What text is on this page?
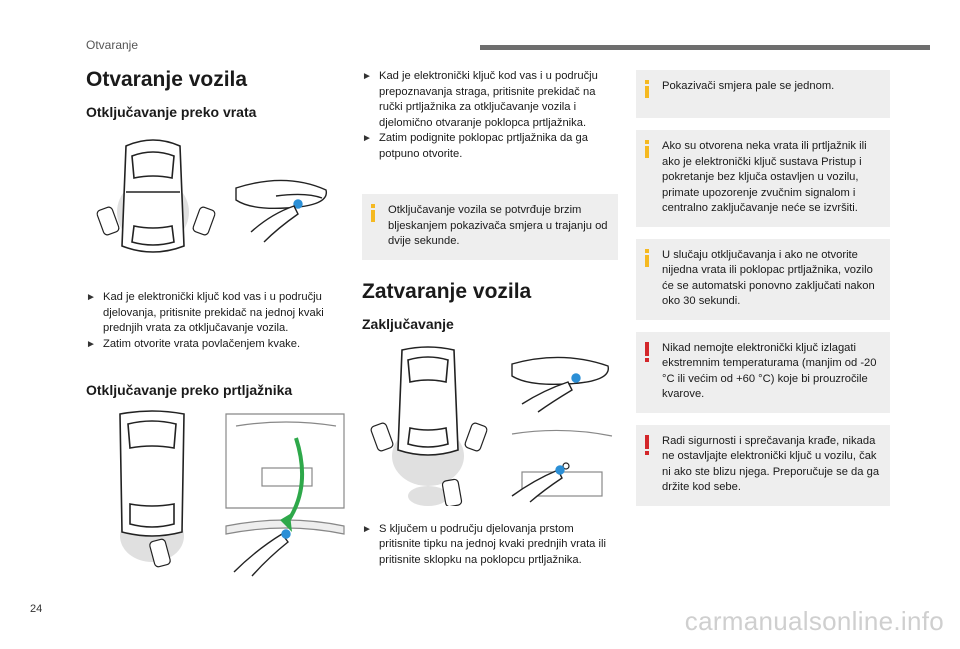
Otvaranje
Otvaranje vozila
Otključavanje preko vrata
► Kad je elektronički ključ kod vas i u području djelovanja, pritisnite prekidač na jednoj kvaki prednjih vrata za otključavanje vozila.
► Zatim otvorite vrata povlačenjem kvake.
Otključavanje preko prtljažnika
► Kad je elektronički ključ kod vas i u području prepoznavanja straga, pritisnite prekidač na ručki prtljažnika za otključavanje vozila i djelomično otvaranje poklopca prtljažnika.
► Zatim podignite poklopac prtljažnika da ga potpuno otvorite.
Otključavanje vozila se potvrđuje brzim bljeskanjem pokazivača smjera u trajanju od dvije sekunde.
Zatvaranje vozila
Zaključavanje
► S ključem u području djelovanja prstom pritisnite tipku na jednoj kvaki prednjih vrata ili pritisnite sklopku na poklopcu prtljažnika.
Pokazivači smjera pale se jednom.
Ako su otvorena neka vrata ili prtljažnik ili ako je elektronički ključ sustava Pristup i pokretanje bez ključa ostavljen u vozilu, primate upozorenje zvučnim signalom i centralno zaključavanje neće se izvršiti.
U slučaju otključavanja i ako ne otvorite nijedna vrata ili poklopac prtljažnika, vozilo će se automatski ponovno zaključati nakon oko 30 sekundi.
Nikad nemojte elektronički ključ izlagati ekstremnim temperaturama (manjim od -20 °C ili većim od +60 °C) koje bi prouzročile kvarove.
Radi sigurnosti i sprečavanja krađe, nikada ne ostavljajte elektronički ključ u vozilu, čak ni ako ste blizu njega. Preporučuje se da ga držite kod sebe.
24	carmanualsonline.info
